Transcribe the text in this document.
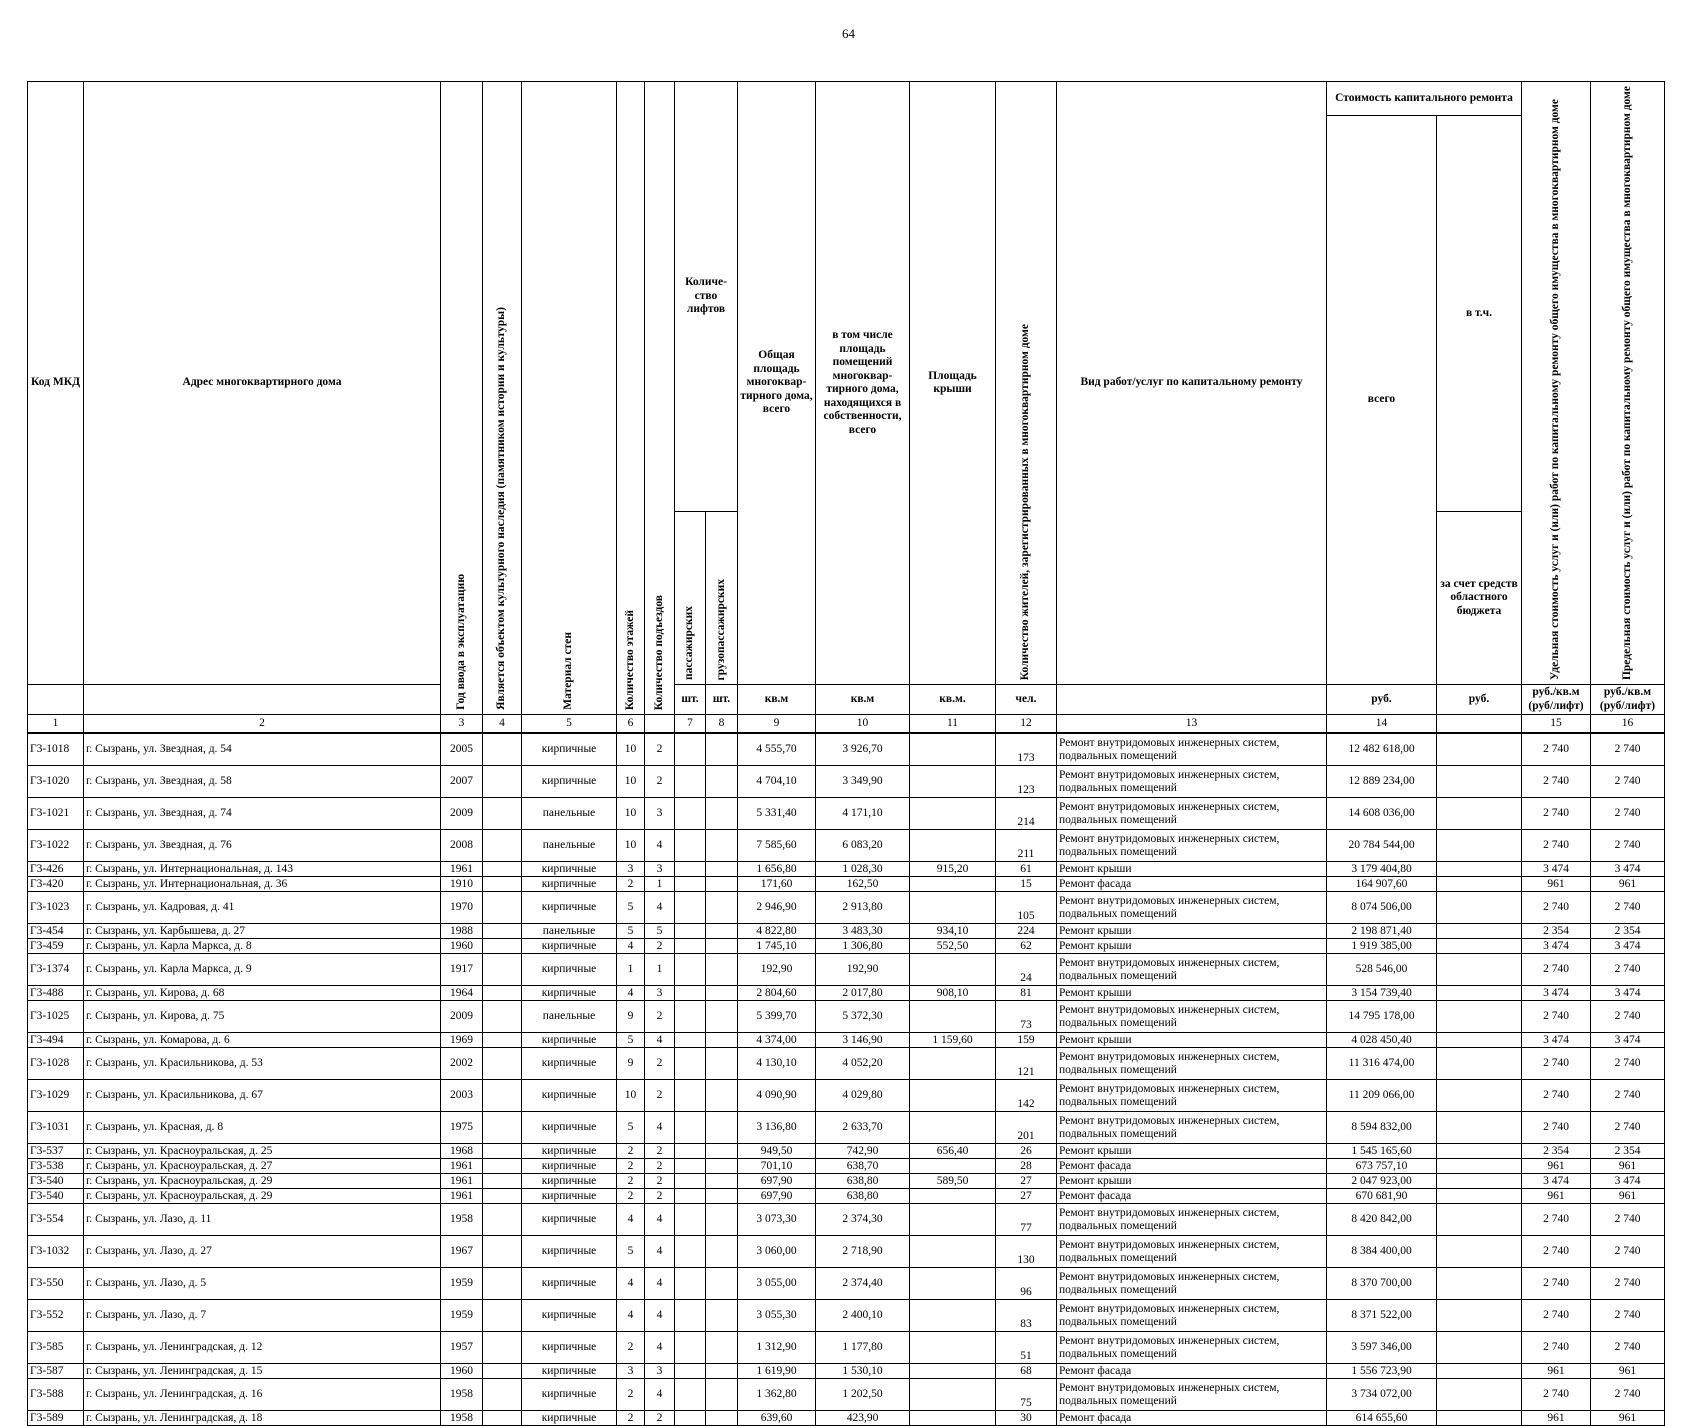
64
Код МКД	Адрес многоквартирного дома	Год ввода в эксплуатацию	Является объектом культурного наследия (памятником истории и культуры)	Материал стен	Количество этажей	Количество подъездов	Количе-ство лифтов		Общая площадь многоквар-тирного дома, всего	в том числе площадь помещений многоквар-тирного дома, находящихся в собственности, всего	Площадь крыши	Количество жителей, зарегистрированных в многоквартирном доме	Вид работ/услуг по капитальному ремонту	Стоимость капитального ремонта		Удельная стоимость услуг и (или) работ по капитальному ремонту общего имущества в многоквартирном доме	Предельная стоимость услуг и (или) работ по капитальному ремонту общего имущества в многоквартирном доме

														всего	в т.ч.		

							пассажирских	грузопассажирских							за счет средств областного бюджета		
							шт.	шт.	кв.м	кв.м	кв.м.	чел.		руб.	руб.	руб./кв.м (руб/лифт)	руб./кв.м (руб/лифт)
1	2	3	4	5	6		7	8	9	10	11	12	13	14		15	16
Г3-1018	г. Сызрань, ул. Звездная, д. 54	2005		кирпичные	10	2			4 555,70	3 926,70		173	Ремонт внутридомовых инженерных систем, подвальных помещений	12 482 618,00		2 740	2 740
Г3-1020	г. Сызрань, ул. Звездная, д. 58	2007		кирпичные	10	2			4 704,10	3 349,90		123	Ремонт внутридомовых инженерных систем, подвальных помещений	12 889 234,00		2 740	2 740
Г3-1021	г. Сызрань, ул. Звездная, д. 74	2009		панельные	10	3			5 331,40	4 171,10		214	Ремонт внутридомовых инженерных систем, подвальных помещений	14 608 036,00		2 740	2 740
Г3-1022	г. Сызрань, ул. Звездная, д. 76	2008		панельные	10	4			7 585,60	6 083,20		211	Ремонт внутридомовых инженерных систем, подвальных помещений	20 784 544,00		2 740	2 740
Г3-426	г. Сызрань, ул. Интернациональная, д. 143	1961		кирпичные	3	3			1 656,80	1 028,30	915,20	61	Ремонт крыши	3 179 404,80		3 474	3 474
Г3-420	г. Сызрань, ул. Интернациональная, д. 36	1910		кирпичные	2	1			171,60	162,50		15	Ремонт фасада	164 907,60		961	961
Г3-1023	г. Сызрань, ул. Кадровая, д. 41	1970		кирпичные	5	4			2 946,90	2 913,80		105	Ремонт внутридомовых инженерных систем, подвальных помещений	8 074 506,00		2 740	2 740
Г3-454	г. Сызрань, ул. Карбышева, д. 27	1988		панельные	5	5			4 822,80	3 483,30	934,10	224	Ремонт крыши	2 198 871,40		2 354	2 354
Г3-459	г. Сызрань, ул. Карла Маркса, д. 8	1960		кирпичные	4	2			1 745,10	1 306,80	552,50	62	Ремонт крыши	1 919 385,00		3 474	3 474
Г3-1374	г. Сызрань, ул. Карла Маркса, д. 9	1917		кирпичные	1	1			192,90	192,90		24	Ремонт внутридомовых инженерных систем, подвальных помещений	528 546,00		2 740	2 740
Г3-488	г. Сызрань, ул. Кирова, д. 68	1964		кирпичные	4	3			2 804,60	2 017,80	908,10	81	Ремонт крыши	3 154 739,40		3 474	3 474
Г3-1025	г. Сызрань, ул. Кирова, д. 75	2009		панельные	9	2			5 399,70	5 372,30		73	Ремонт внутридомовых инженерных систем, подвальных помещений	14 795 178,00		2 740	2 740
Г3-494	г. Сызрань, ул. Комарова, д. 6	1969		кирпичные	5	4			4 374,00	3 146,90	1 159,60	159	Ремонт крыши	4 028 450,40		3 474	3 474
Г3-1028	г. Сызрань, ул. Красильникова, д. 53	2002		кирпичные	9	2			4 130,10	4 052,20		121	Ремонт внутридомовых инженерных систем, подвальных помещений	11 316 474,00		2 740	2 740
Г3-1029	г. Сызрань, ул. Красильникова, д. 67	2003		кирпичные	10	2			4 090,90	4 029,80		142	Ремонт внутридомовых инженерных систем, подвальных помещений	11 209 066,00		2 740	2 740
Г3-1031	г. Сызрань, ул. Красная, д. 8	1975		кирпичные	5	4			3 136,80	2 633,70		201	Ремонт внутридомовых инженерных систем, подвальных помещений	8 594 832,00		2 740	2 740
Г3-537	г. Сызрань, ул. Красноуральская, д. 25	1968		кирпичные	2	2			949,50	742,90	656,40	26	Ремонт крыши	1 545 165,60		2 354	2 354
Г3-538	г. Сызрань, ул. Красноуральская, д. 27	1961		кирпичные	2	2			701,10	638,70		28	Ремонт фасада	673 757,10		961	961
Г3-540	г. Сызрань, ул. Красноуральская, д. 29	1961		кирпичные	2	2			697,90	638,80	589,50	27	Ремонт крыши	2 047 923,00		3 474	3 474
Г3-540	г. Сызрань, ул. Красноуральская, д. 29	1961		кирпичные	2	2			697,90	638,80		27	Ремонт фасада	670 681,90		961	961
Г3-554	г. Сызрань, ул. Лазо, д. 11	1958		кирпичные	4	4			3 073,30	2 374,30		77	Ремонт внутридомовых инженерных систем, подвальных помещений	8 420 842,00		2 740	2 740
Г3-1032	г. Сызрань, ул. Лазо, д. 27	1967		кирпичные	5	4			3 060,00	2 718,90		130	Ремонт внутридомовых инженерных систем, подвальных помещений	8 384 400,00		2 740	2 740
Г3-550	г. Сызрань, ул. Лазо, д. 5	1959		кирпичные	4	4			3 055,00	2 374,40		96	Ремонт внутридомовых инженерных систем, подвальных помещений	8 370 700,00		2 740	2 740
Г3-552	г. Сызрань, ул. Лазо, д. 7	1959		кирпичные	4	4			3 055,30	2 400,10		83	Ремонт внутридомовых инженерных систем, подвальных помещений	8 371 522,00		2 740	2 740
Г3-585	г. Сызрань, ул. Ленинградская, д. 12	1957		кирпичные	2	4			1 312,90	1 177,80		51	Ремонт внутридомовых инженерных систем, подвальных помещений	3 597 346,00		2 740	2 740
Г3-587	г. Сызрань, ул. Ленинградская, д. 15	1960		кирпичные	3	3			1 619,90	1 530,10		68	Ремонт фасада	1 556 723,90		961	961
Г3-588	г. Сызрань, ул. Ленинградская, д. 16	1958		кирпичные	2	4			1 362,80	1 202,50		75	Ремонт внутридомовых инженерных систем, подвальных помещений	3 734 072,00		2 740	2 740
Г3-589	г. Сызрань, ул. Ленинградская, д. 18	1958		кирпичные	2	2			639,60	423,90		30	Ремонт фасада	614 655,60		961	961
